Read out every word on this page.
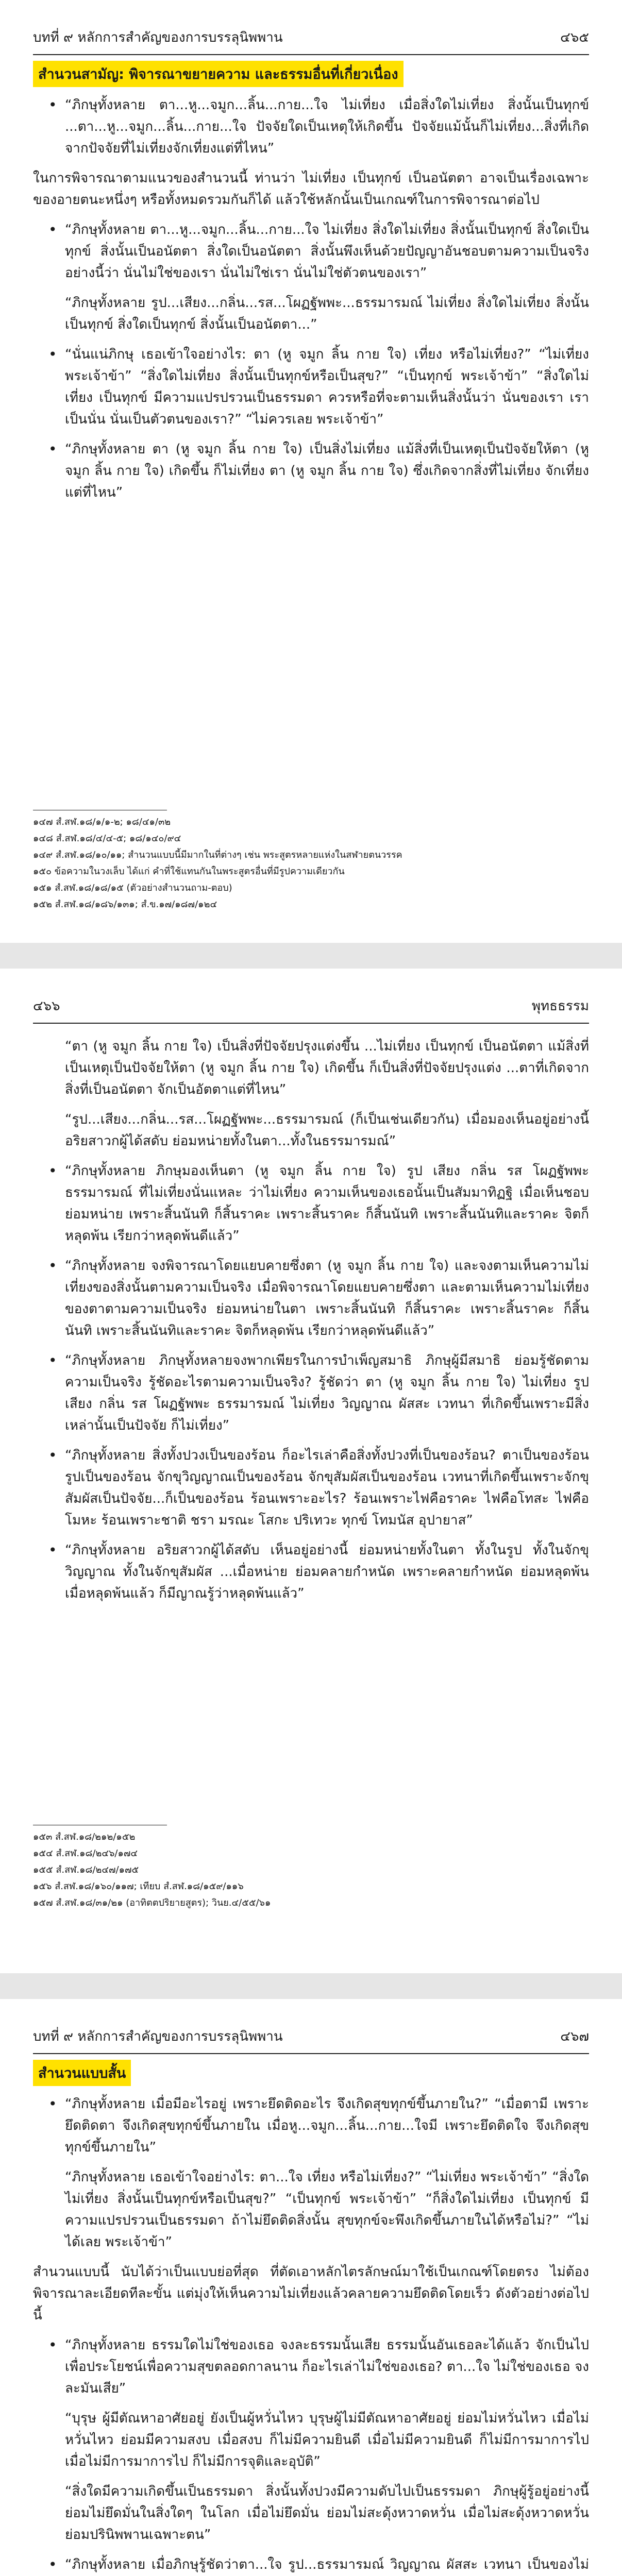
บทที่ ๙ หลักการสำคัญของการบรรลุนิพพาน	๔๖๕
สำนวนสามัญ: พิจารณาขยายความ และธรรมอื่นที่เกี่ยวเนื่อง

• “ภิกษุทั้งหลาย ตา...หู...จมูก...ลิ้น...กาย...ใจ ไม่เที่ยง เมื่อสิ่งใดไม่เที่ยง สิ่งนั้นเป็นทุกข์ ...ตา...หู...จมูก...ลิ้น...กาย...ใจ ปัจจัยใดเป็นเหตุให้เกิดขึ้น ปัจจัยแม้นั้นก็ไม่เที่ยง...สิ่งที่เกิดจากปัจจัยที่ไม่เที่ยงจักเที่ยงแต่ที่ไหน”

ในการพิจารณาตามแนวของสำนวนนี้ ท่านว่า ไม่เที่ยง เป็นทุกข์ เป็นอนัตตา อาจเป็นเรื่องเฉพาะของอายตนะหนึ่งๆ หรือทั้งหมดรวมกันก็ได้ แล้วใช้หลักนั้นเป็นเกณฑ์ในการพิจารณาต่อไป

• “ภิกษุทั้งหลาย ตา...หู...จมูก...ลิ้น...กาย...ใจ ไม่เที่ยง สิ่งใดไม่เที่ยง สิ่งนั้นเป็นทุกข์ สิ่งใดเป็นทุกข์ สิ่งนั้นเป็นอนัตตา สิ่งใดเป็นอนัตตา สิ่งนั้นพึงเห็นด้วยปัญญาอันชอบตามความเป็นจริงอย่างนี้ว่า นั่นไม่ใช่ของเรา นั่นไม่ใช่เรา นั่นไม่ใช่ตัวตนของเรา”

“ภิกษุทั้งหลาย รูป...เสียง...กลิ่น...รส...โผฏฐัพพะ...ธรรมารมณ์ ไม่เที่ยง สิ่งใดไม่เที่ยง สิ่งนั้นเป็นทุกข์ สิ่งใดเป็นทุกข์ สิ่งนั้นเป็นอนัตตา...”

• “นั่นแน่ภิกษุ เธอเข้าใจอย่างไร: ตา (หู จมูก ลิ้น กาย ใจ) เที่ยง หรือไม่เที่ยง?” “ไม่เที่ยง พระเจ้าข้า” “สิ่งใดไม่เที่ยง สิ่งนั้นเป็นทุกข์หรือเป็นสุข?” “เป็นทุกข์ พระเจ้าข้า” “สิ่งใดไม่เที่ยง เป็นทุกข์ มีความแปรปรวนเป็นธรรมดา ควรหรือที่จะตามเห็นสิ่งนั้นว่า นั่นของเรา เราเป็นนั่น นั่นเป็นตัวตนของเรา?” “ไม่ควรเลย พระเจ้าข้า”

• “ภิกษุทั้งหลาย ตา (หู จมูก ลิ้น กาย ใจ) เป็นสิ่งไม่เที่ยง แม้สิ่งที่เป็นเหตุเป็นปัจจัยให้ตา (หู จมูก ลิ้น กาย ใจ) เกิดขึ้น ก็ไม่เที่ยง ตา (หู จมูก ลิ้น กาย ใจ) ซึ่งเกิดจากสิ่งที่ไม่เที่ยง จักเที่ยงแต่ที่ไหน”

๑๔๗ สํ.สฬ.๑๘/๑/๑-๒; ๑๘/๔๑/๓๒

๑๔๘ สํ.สฬ.๑๘/๔/๔-๕; ๑๘/๑๔๐/๙๔

๑๔๙ สํ.สฬ.๑๘/๑๐/๑๑; สำนวนแบบนี้มีมากในที่ต่างๆ เช่น พระสูตรหลายแห่งในสฬายตนวรรค

๑๕๐ ข้อความในวงเล็บ ได้แก่ คำที่ใช้แทนกันในพระสูตรอื่นที่มีรูปความเดียวกัน

๑๕๑ สํ.สฬ.๑๘/๑๘/๑๕ (ตัวอย่างสำนวนถาม-ตอบ)

๑๕๒ สํ.สฬ.๑๘/๑๘๖/๑๓๑; สํ.ข.๑๗/๑๘๗/๑๒๔

๔๖๖	พุทธธรรม

“ตา (หู จมูก ลิ้น กาย ใจ) เป็นสิ่งที่ปัจจัยปรุงแต่งขึ้น ...ไม่เที่ยง เป็นทุกข์ เป็นอนัตตา แม้สิ่งที่เป็นเหตุเป็นปัจจัยให้ตา (หู จมูก ลิ้น กาย ใจ) เกิดขึ้น ก็เป็นสิ่งที่ปัจจัยปรุงแต่ง ...ตาที่เกิดจากสิ่งที่เป็นอนัตตา จักเป็นอัตตาแต่ที่ไหน”

“รูป...เสียง...กลิ่น...รส...โผฏฐัพพะ...ธรรมารมณ์ (ก็เป็นเช่นเดียวกัน) เมื่อมองเห็นอยู่อย่างนี้ อริยสาวกผู้ได้สดับ ย่อมหน่ายทั้งในตา...ทั้งในธรรมารมณ์”

• “ภิกษุทั้งหลาย ภิกษุมองเห็นตา (หู จมูก ลิ้น กาย ใจ) รูป เสียง กลิ่น รส โผฏฐัพพะ ธรรมารมณ์ ที่ไม่เที่ยงนั่นแหละ ว่าไม่เที่ยง ความเห็นของเธอนั้นเป็นสัมมาทิฏฐิ เมื่อเห็นชอบ ย่อมหน่าย เพราะสิ้นนันทิ ก็สิ้นราคะ เพราะสิ้นราคะ ก็สิ้นนันทิ เพราะสิ้นนันทิและราคะ จิตก็หลุดพ้น เรียกว่าหลุดพ้นดีแล้ว”

• “ภิกษุทั้งหลาย จงพิจารณาโดยแยบคายซึ่งตา (หู จมูก ลิ้น กาย ใจ) และจงตามเห็นความไม่เที่ยงของสิ่งนั้นตามความเป็นจริง เมื่อพิจารณาโดยแยบคายซึ่งตา และตามเห็นความไม่เที่ยงของตาตามความเป็นจริง ย่อมหน่ายในตา เพราะสิ้นนันทิ ก็สิ้นราคะ เพราะสิ้นราคะ ก็สิ้นนันทิ เพราะสิ้นนันทิและราคะ จิตก็หลุดพ้น เรียกว่าหลุดพ้นดีแล้ว”

• “ภิกษุทั้งหลาย ภิกษุทั้งหลายจงพากเพียรในการบำเพ็ญสมาธิ ภิกษุผู้มีสมาธิ ย่อมรู้ชัดตามความเป็นจริง รู้ชัดอะไรตามความเป็นจริง? รู้ชัดว่า ตา (หู จมูก ลิ้น กาย ใจ) ไม่เที่ยง รูป เสียง กลิ่น รส โผฏฐัพพะ ธรรมารมณ์ ไม่เที่ยง วิญญาณ ผัสสะ เวทนา ที่เกิดขึ้นเพราะมีสิ่งเหล่านั้นเป็นปัจจัย ก็ไม่เที่ยง”

• “ภิกษุทั้งหลาย สิ่งทั้งปวงเป็นของร้อน ก็อะไรเล่าคือสิ่งทั้งปวงที่เป็นของร้อน? ตาเป็นของร้อน รูปเป็นของร้อน จักขุวิญญาณเป็นของร้อน จักขุสัมผัสเป็นของร้อน เวทนาที่เกิดขึ้นเพราะจักขุสัมผัสเป็นปัจจัย...ก็เป็นของร้อน ร้อนเพราะอะไร? ร้อนเพราะไฟคือราคะ ไฟคือโทสะ ไฟคือโมหะ ร้อนเพราะชาติ ชรา มรณะ โสกะ ปริเทวะ ทุกข์ โทมนัส อุปายาส”

• “ภิกษุทั้งหลาย อริยสาวกผู้ได้สดับ เห็นอยู่อย่างนี้ ย่อมหน่ายทั้งในตา ทั้งในรูป ทั้งในจักขุวิญญาณ ทั้งในจักขุสัมผัส ...เมื่อหน่าย ย่อมคลายกำหนัด เพราะคลายกำหนัด ย่อมหลุดพ้น เมื่อหลุดพ้นแล้ว ก็มีญาณรู้ว่าหลุดพ้นแล้ว”

๑๕๓ สํ.สฬ.๑๘/๒๑๒/๑๕๒

๑๕๔ สํ.สฬ.๑๘/๒๔๖/๑๗๔

๑๕๕ สํ.สฬ.๑๘/๒๔๗/๑๗๕

๑๕๖ สํ.สฬ.๑๘/๑๖๐/๑๑๗; เทียบ สํ.สฬ.๑๘/๑๕๙/๑๑๖

๑๕๗ สํ.สฬ.๑๘/๓๑/๒๑ (อาทิตตปริยายสูตร); วินย.๔/๕๕/๖๑

บทที่ ๙ หลักการสำคัญของการบรรลุนิพพาน	๔๖๗
สำนวนแบบสั้น

• “ภิกษุทั้งหลาย เมื่อมีอะไรอยู่ เพราะยึดติดอะไร จึงเกิดสุขทุกข์ขึ้นภายใน?” “เมื่อตามี เพราะยึดติดตา จึงเกิดสุขทุกข์ขึ้นภายใน เมื่อหู...จมูก...ลิ้น...กาย...ใจมี เพราะยึดติดใจ จึงเกิดสุขทุกข์ขึ้นภายใน”

“ภิกษุทั้งหลาย เธอเข้าใจอย่างไร: ตา...ใจ เที่ยง หรือไม่เที่ยง?” “ไม่เที่ยง พระเจ้าข้า” “สิ่งใดไม่เที่ยง สิ่งนั้นเป็นทุกข์หรือเป็นสุข?” “เป็นทุกข์ พระเจ้าข้า” “ก็สิ่งใดไม่เที่ยง เป็นทุกข์ มีความแปรปรวนเป็นธรรมดา ถ้าไม่ยึดติดสิ่งนั้น สุขทุกข์จะพึงเกิดขึ้นภายในได้หรือไม่?” “ไม่ได้เลย พระเจ้าข้า”

สำนวนแบบนี้ นับได้ว่าเป็นแบบย่อที่สุด ที่ตัดเอาหลักไตรลักษณ์มาใช้เป็นเกณฑ์โดยตรง ไม่ต้องพิจารณาละเอียดทีละขั้น แต่มุ่งให้เห็นความไม่เที่ยงแล้วคลายความยึดติดโดยเร็ว ดังตัวอย่างต่อไปนี้

• “ภิกษุทั้งหลาย ธรรมใดไม่ใช่ของเธอ จงละธรรมนั้นเสีย ธรรมนั้นอันเธอละได้แล้ว จักเป็นไปเพื่อประโยชน์เพื่อความสุขตลอดกาลนาน ก็อะไรเล่าไม่ใช่ของเธอ? ตา...ใจ ไม่ใช่ของเธอ จงละมันเสีย”

“บุรุษ ผู้มีตัณหาอาศัยอยู่ ยังเป็นผู้หวั่นไหว บุรุษผู้ไม่มีตัณหาอาศัยอยู่ ย่อมไม่หวั่นไหว เมื่อไม่หวั่นไหว ย่อมมีความสงบ เมื่อสงบ ก็ไม่มีความยินดี เมื่อไม่มีความยินดี ก็ไม่มีการมาการไป เมื่อไม่มีการมาการไป ก็ไม่มีการจุติและอุบัติ”

“สิ่งใดมีความเกิดขึ้นเป็นธรรมดา สิ่งนั้นทั้งปวงมีความดับไปเป็นธรรมดา ภิกษุผู้รู้อยู่อย่างนี้ ย่อมไม่ยึดมั่นในสิ่งใดๆ ในโลก เมื่อไม่ยึดมั่น ย่อมไม่สะดุ้งหวาดหวั่น เมื่อไม่สะดุ้งหวาดหวั่น ย่อมปรินิพพานเฉพาะตน”

• “ภิกษุทั้งหลาย เมื่อภิกษุรู้ชัดว่าตา...ใจ รูป...ธรรมารมณ์ วิญญาณ ผัสสะ เวทนา เป็นของไม่
